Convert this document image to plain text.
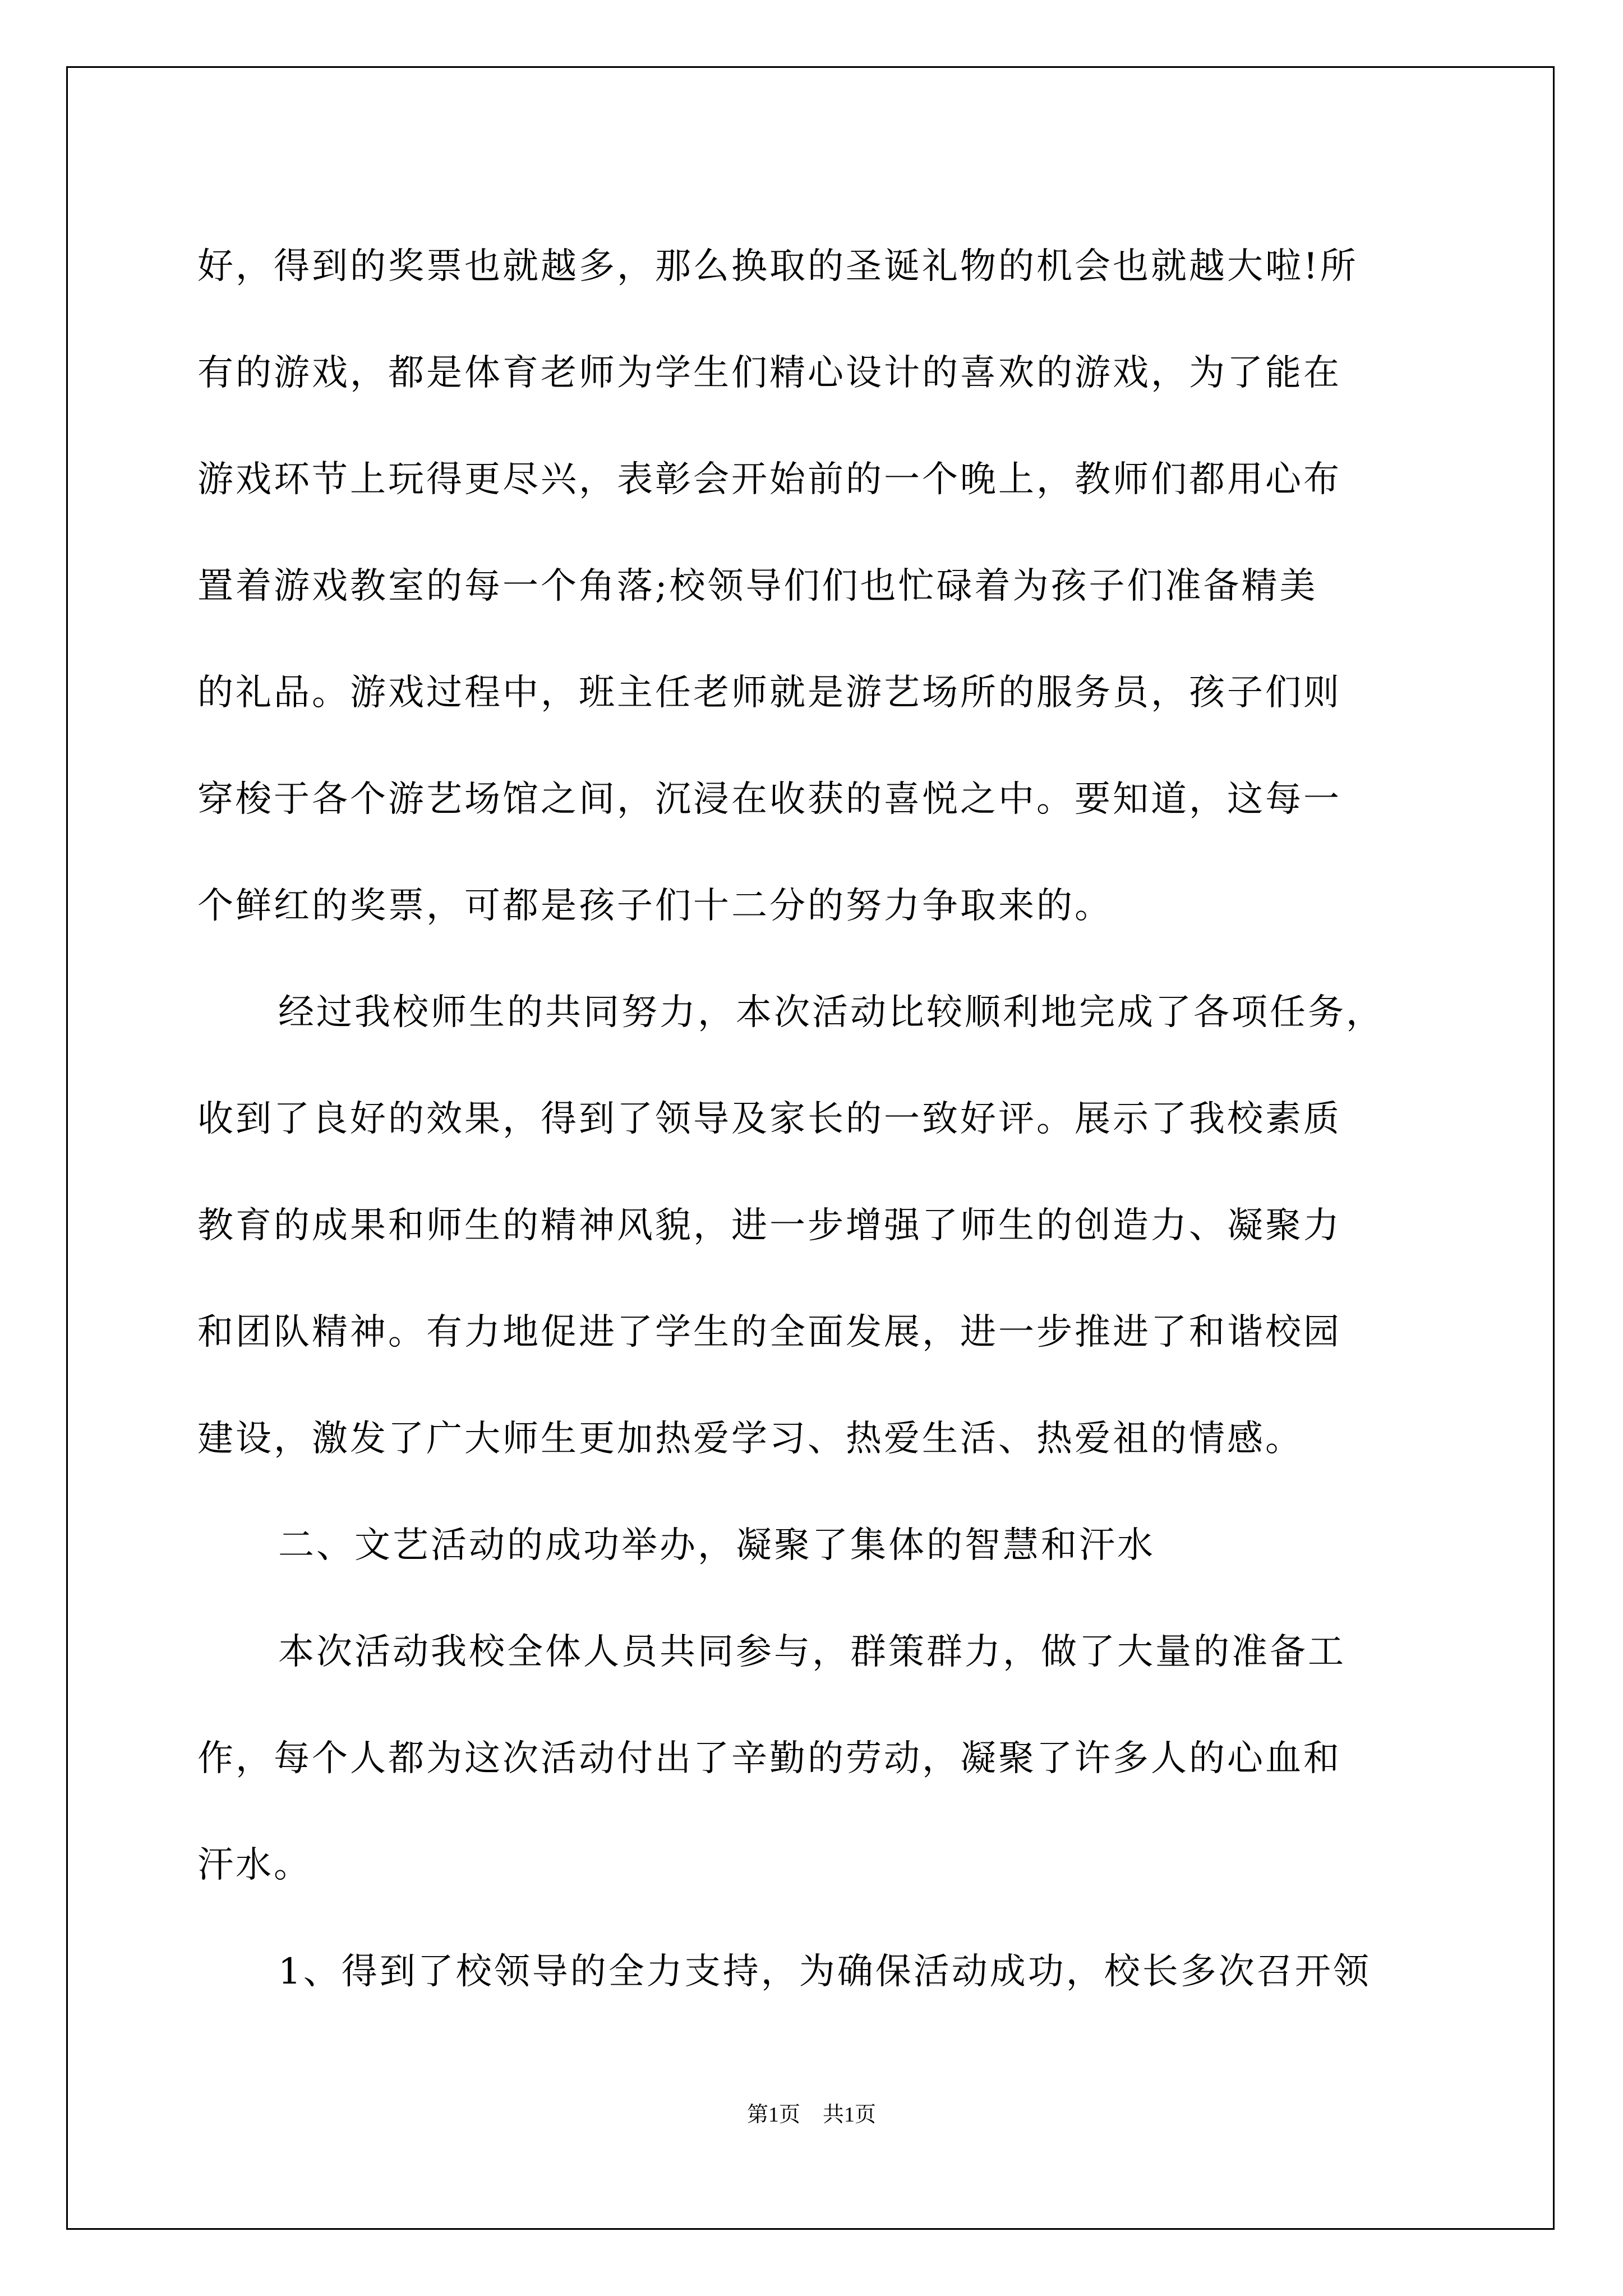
好，得到的奖票也就越多，那么换取的圣诞礼物的机会也就越大啦!所
有的游戏，都是体育老师为学生们精心设计的喜欢的游戏，为了能在
游戏环节上玩得更尽兴，表彰会开始前的一个晚上，教师们都用心布
置着游戏教室的每一个角落;校领导们们也忙碌着为孩子们准备精美
的礼品。游戏过程中，班主任老师就是游艺场所的服务员，孩子们则
穿梭于各个游艺场馆之间，沉浸在收获的喜悦之中。要知道，这每一
个鲜红的奖票，可都是孩子们十二分的努力争取来的。
经过我校师生的共同努力，本次活动比较顺利地完成了各项任务，
收到了良好的效果，得到了领导及家长的一致好评。展示了我校素质
教育的成果和师生的精神风貌，进一步增强了师生的创造力、凝聚力
和团队精神。有力地促进了学生的全面发展，进一步推进了和谐校园
建设，激发了广大师生更加热爱学习、热爱生活、热爱祖的情感。
二、文艺活动的成功举办，凝聚了集体的智慧和汗水
本次活动我校全体人员共同参与，群策群力，做了大量的准备工
作，每个人都为这次活动付出了辛勤的劳动，凝聚了许多人的心血和
汗水。
1、得到了校领导的全力支持，为确保活动成功，校长多次召开领
第1页 共1页
